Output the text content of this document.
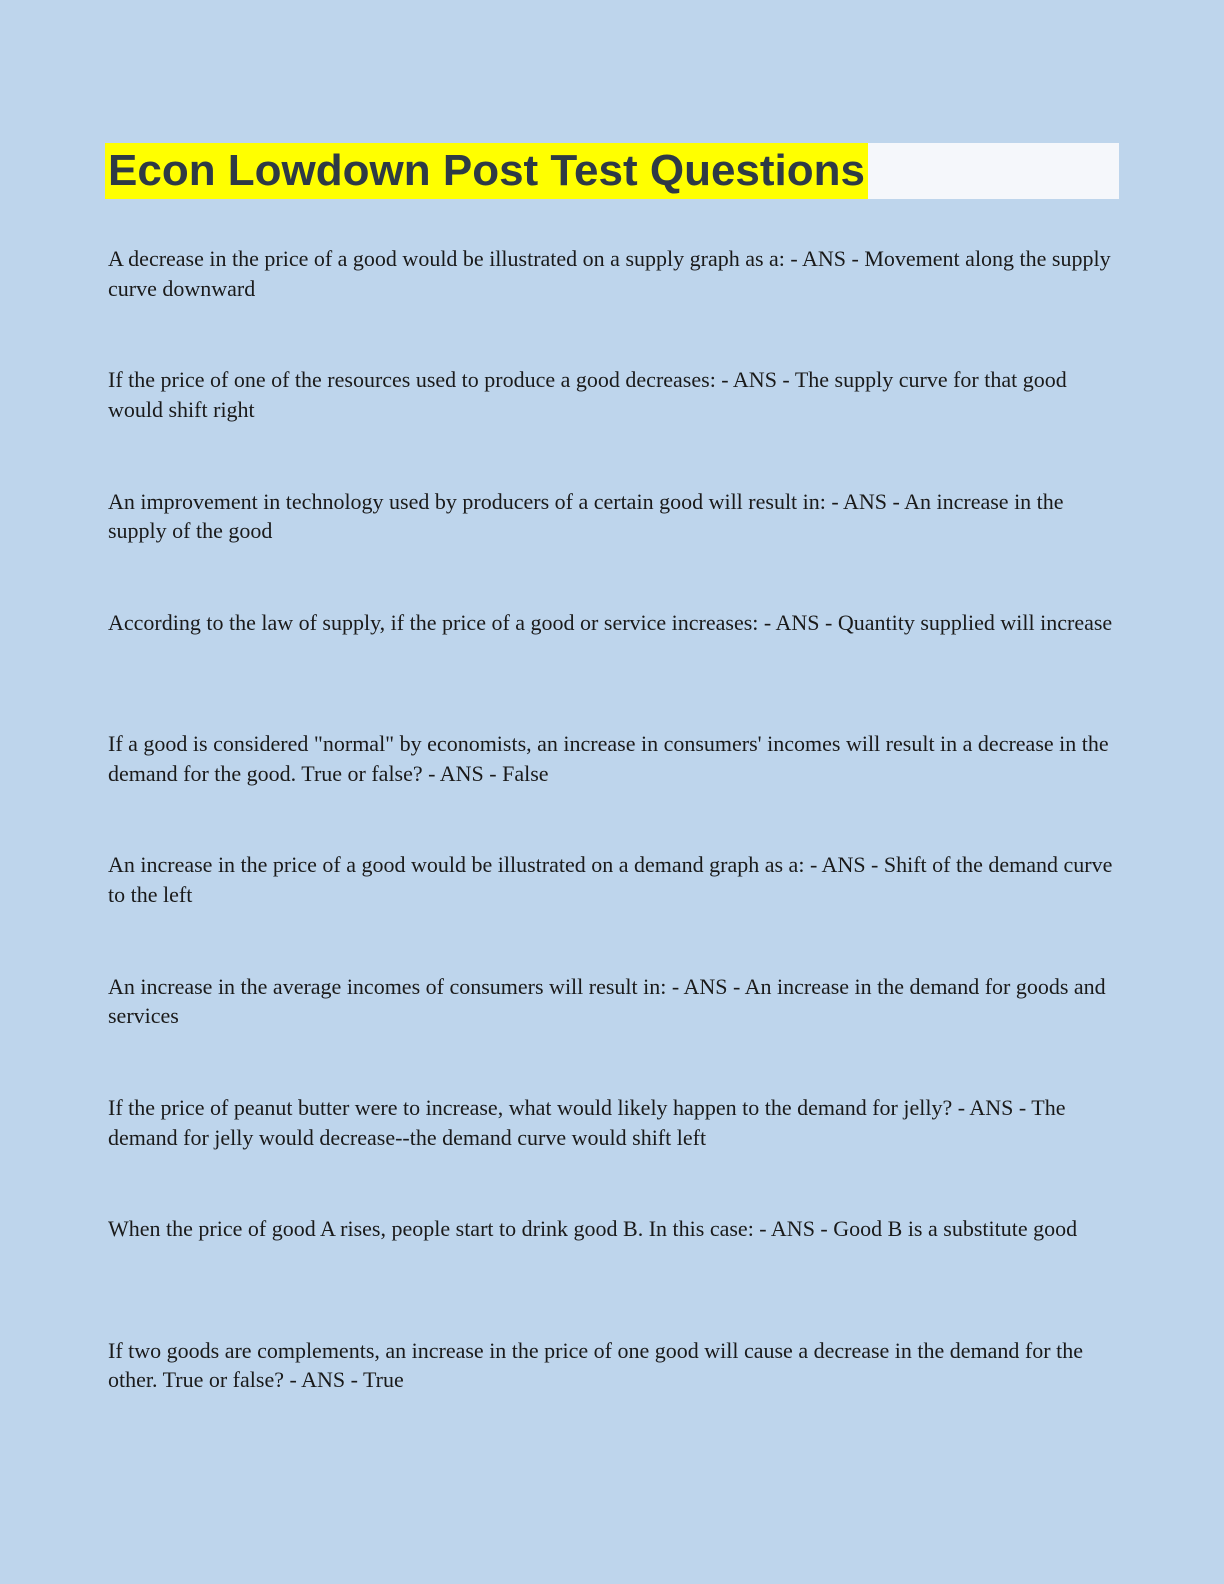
Econ Lowdown Post Test Questions

A decrease in the price of a good would be illustrated on a supply graph as a: - ANS - Movement along the supply curve downward

If the price of one of the resources used to produce a good decreases: - ANS - The supply curve for that good would shift right

An improvement in technology used by producers of a certain good will result in: - ANS - An increase in the supply of the good

According to the law of supply, if the price of a good or service increases: - ANS - Quantity supplied will increase

If a good is considered "normal" by economists, an increase in consumers' incomes will result in a decrease in the demand for the good. True or false? - ANS - False

An increase in the price of a good would be illustrated on a demand graph as a: - ANS - Shift of the demand curve to the left

An increase in the average incomes of consumers will result in: - ANS - An increase in the demand for goods and services

If the price of peanut butter were to increase, what would likely happen to the demand for jelly? - ANS - The demand for jelly would decrease--the demand curve would shift left

When the price of good A rises, people start to drink good B. In this case: - ANS - Good B is a substitute good

If two goods are complements, an increase in the price of one good will cause a decrease in the demand for the other. True or false? - ANS - True
